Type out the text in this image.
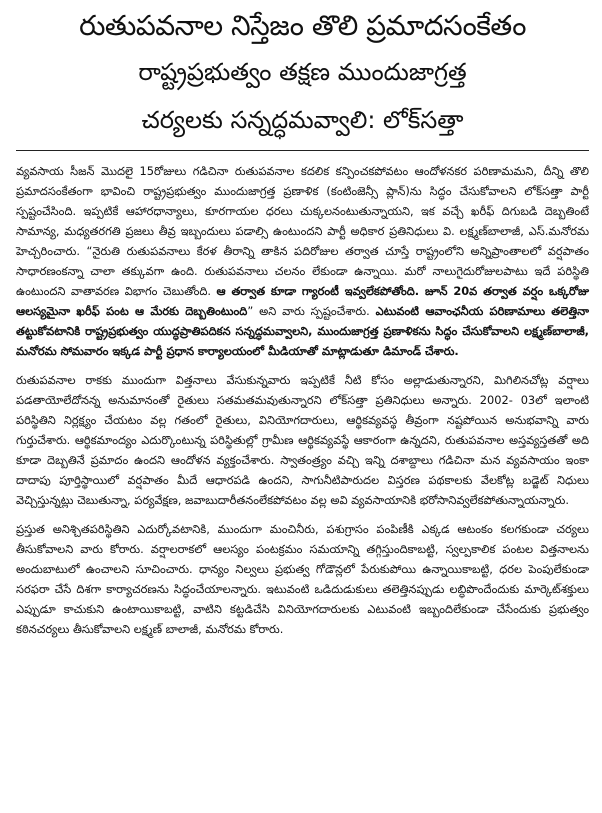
రుతుపవనాల నిస్తేజం తొలి ప్రమాదసంకేతం
రాష్ట్రప్రభుత్వం తక్షణ ముందుజాగ్రత్త
చర్యలకు సన్నద్ధమవ్వాలి: లోక్‌సత్తా

వ్యవసాయ సీజన్ మొదలై 15రోజులు గడిచినా రుతుపవనాల కదలిక కన్పించకపోవటం ఆందోళనకర పరిణామమని, దీన్ని తొలి ప్రమాదసంకేతంగా భావించి రాష్ట్రప్రభుత్వం ముందుజాగ్రత్త ప్రణాళిక (కంటింజెన్సీ ప్లాన్)ను సిద్ధం చేసుకోవాలని లోక్‌సత్తా పార్టీ స్పష్టంచేసింది. ఇప్పటికే ఆహారధాన్యాలు, కూరగాయల ధరలు చుక్కలనంటుతున్నాయని, ఇక వచ్చే ఖరీఫ్ దిగుబడి దెబ్బతింటే సామాన్య, మధ్యతరగతి ప్రజలు తీవ్ర ఇబ్బందులు పడాల్సి ఉంటుందని పార్టీ అధికార ప్రతినిధులు వి. లక్ష్మణ్‌బాలాజీ, ఎస్.మనోరమ హెచ్చరించారు. “నైరుతి రుతుపవనాలు కేరళ తీరాన్ని తాకిన పదిరోజుల తర్వాత చూస్తే రాష్ట్రంలోని అన్నిప్రాంతాలలో వర్షపాతం సాధారణంకన్నా చాలా తక్కువగా ఉంది. రుతుపవనాలు చలనం లేకుండా ఉన్నాయి. మరో నాలుగైదురోజులపాటు ఇదే పరిస్థితి ఉంటుందని వాతావరణ విభాగం చెబుతోంది. ఆ తర్వాత కూడా గ్యారంటీ ఇవ్వలేకపోతోంది. జూన్ 20వ తర్వాత వర్షం ఒక్కరోజు ఆలస్యమైనా ఖరీఫ్ పంట ఆ మేరకు దెబ్బతింటుంది” అని వారు స్పష్టంచేశారు. ఎటువంటి ఆవాంఛనీయ పరిణామాలు తలెత్తినా తట్టుకోవటానికి రాష్ట్రప్రభుత్వం యుద్ధప్రాతిపదికన సన్నద్ధమవ్వాలని, ముందుజాగ్రత్త ప్రణాళికను సిద్ధం చేసుకోవాలని లక్ష్మణ్‌బాలాజీ, మనోరమ సోమవారం ఇక్కడ పార్టీ ప్రధాన కార్యాలయంలో మీడియాతో మాట్లాడుతూ డిమాండ్ చేశారు.

రుతుపవనాల రాకకు ముందుగా విత్తనాలు వేసుకున్నవారు ఇప్పటికే నీటి కోసం అల్లాడుతున్నారని, మిగిలినచోట్ల వర్షాలు పడతాయోలేదోనన్న అనుమానంతో రైతులు సతమతమవుతున్నారని లోక్‌సత్తా ప్రతినిధులు అన్నారు. 2002- 03లో ఇలాంటి పరిస్థితిని నిర్లక్ష్యం చేయటం వల్ల గతంలో రైతులు, వినియోగదారులు, ఆర్థికవ్యవస్థ తీవ్రంగా నష్టపోయిన అనుభవాన్ని వారు గుర్తుచేశారు. ఆర్థికమాంద్యం ఎదుర్కొంటున్న పరిస్థితుల్లో గ్రామీణ ఆర్థికవ్యవస్థే ఆకారంగా ఉన్నదని, రుతుపవనాల అస్తవ్యస్తతతో అది కూడా దెబ్బతినే ప్రమాదం ఉందని ఆందోళన వ్యక్తంచేశారు. స్వాతంత్ర్యం వచ్చి ఇన్ని దశాబ్దాలు గడిచినా మన వ్యవసాయం ఇంకా దాదాపు పూర్తిస్థాయిలో వర్షపాతం మీదే ఆధారపడి ఉందని, సాగునీటిపారుదల విస్తరణ పథకాలకు వేలకోట్ల బడ్జెట్ నిధులు వెచ్చిస్తున్నట్లు చెబుతున్నా, పర్యవేక్షణ, జవాబుదారీతనంలేకపోవటం వల్ల అవి వ్యవసాయానికి భరోసానివ్వలేకపోతున్నాయన్నారు.

ప్రస్తుత అనిశ్చితపరిస్థితిని ఎదుర్కోవటానికి, ముందుగా మంచినీరు, పశుగ్రాసం పంపిణీకి ఎక్కడ ఆటంకం కలగకుండా చర్యలు తీసుకోవాలని వారు కోరారు. వర్షాలరాకలో ఆలస్యం పంటక్రమం సమయాన్ని తగ్గిస్తుందికాబట్టి, స్వల్పకాలిక పంటల విత్తనాలను అందుబాటులో ఉంచాలని సూచించారు. ధాన్యం నిల్వలు ప్రభుత్వ గోడౌన్లలో పేరుకుపోయి ఉన్నాయికాబట్టి, ధరల పెంపులేకుండా సరఫరా చేసే దిశగా కార్యాచరణను సిద్ధంచేయాలన్నారు. ఇటువంటి ఒడిదుడుకులు తలెత్తినప్పుడు లబ్ధిపొందేందుకు మార్కెట్‌శక్తులు ఎప్పుడూ కాచుకుని ఉంటాయికాబట్టి, వాటిని కట్టడిచేసి వినియోగదారులకు ఎటువంటి ఇబ్బందిలేకుండా చేసేందుకు ప్రభుత్వం కఠినచర్యలు తీసుకోవాలని లక్ష్మణ్ బాలాజీ, మనోరమ కోరారు.
